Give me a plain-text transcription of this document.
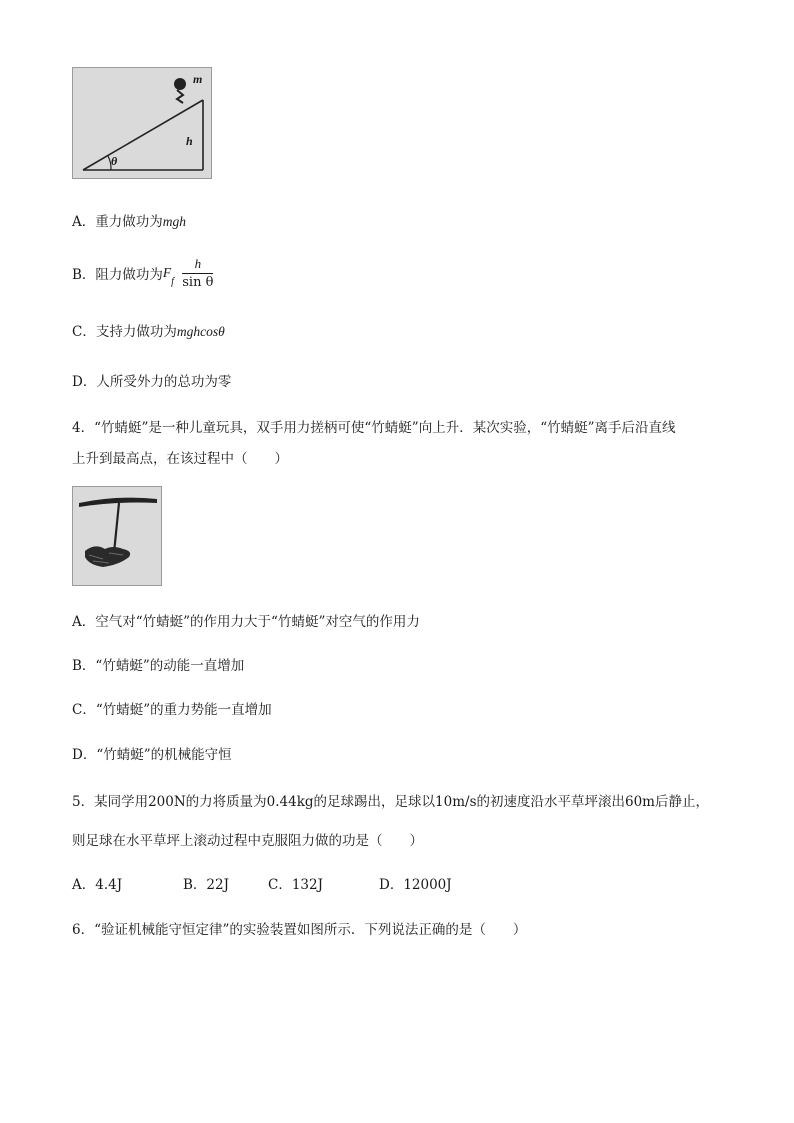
m
h
θ
A．重力做功为mgh
B．阻力做功为$F_f \frac{h}{\text{sin θ}}$
C．支持力做功为mghcosθ
D．人所受外力的总功为零
4．“竹蜻蜓”是一种儿童玩具，双手用力搓柄可使“竹蜻蜓”向上升．某次实验，“竹蜻蜓”离手后沿直线
上升到最高点，在该过程中（　　）
A．空气对“竹蜻蜓”的作用力大于“竹蜻蜓”对空气的作用力
B．“竹蜻蜓”的动能一直增加
C．“竹蜻蜓”的重力势能一直增加
D．“竹蜻蜓”的机械能守恒
5．某同学用200N的力将质量为0.44kg的足球踢出，足球以10m/s的初速度沿水平草坪滚出60m后静止，
则足球在水平草坪上滚动过程中克服阻力做的功是（　　）
A．4.4J	B．22J	C．132J	D．12000J
6．“验证机械能守恒定律”的实验装置如图所示．下列说法正确的是（　　）
